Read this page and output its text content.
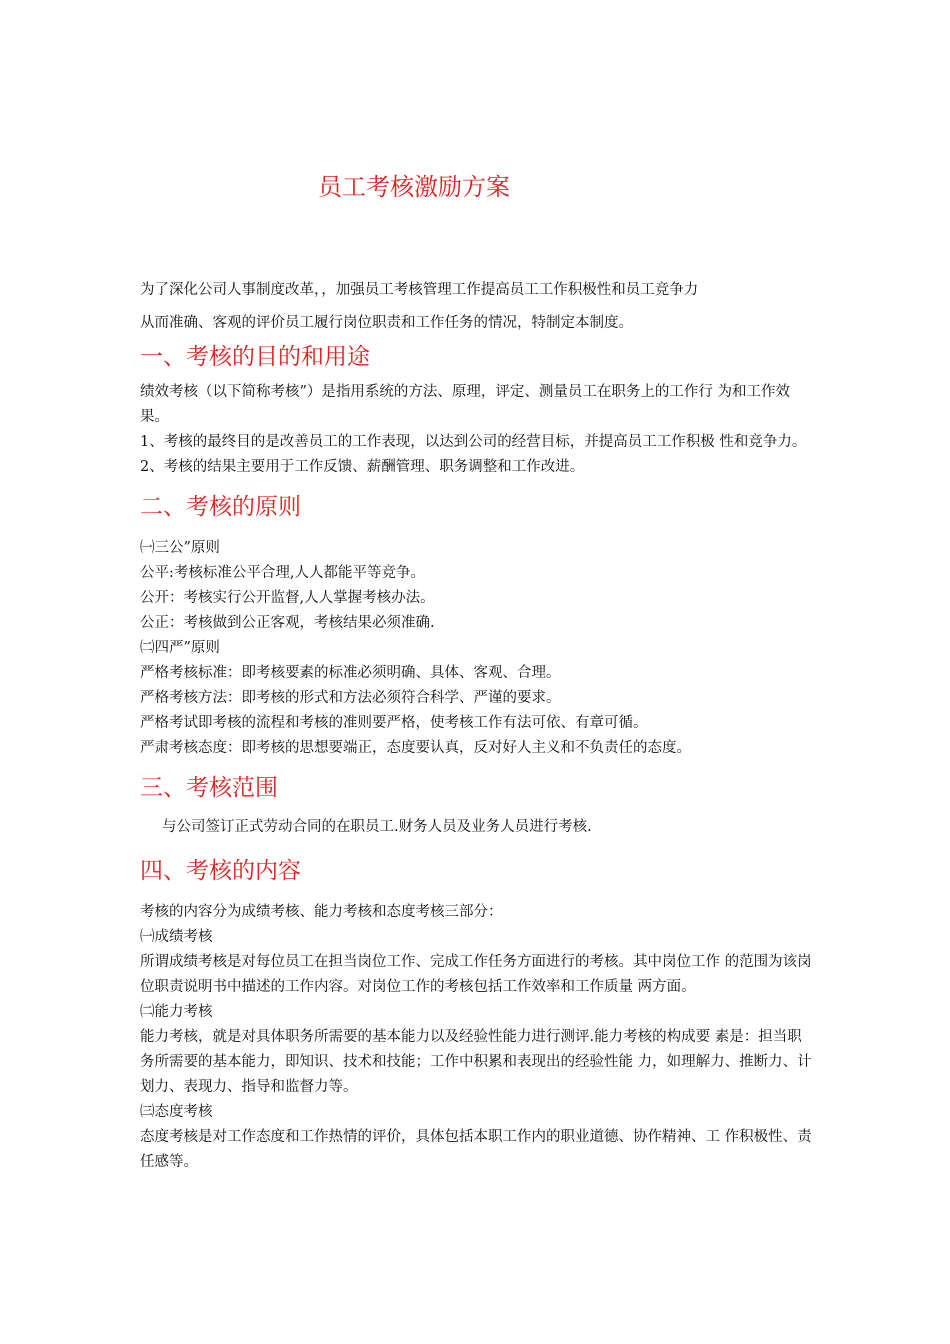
员工考核激励方案

为了深化公司人事制度改革，，加强员工考核管理工作提高员工工作积极性和员工竞争力

从而准确、客观的评价员工履行岗位职责和工作任务的情况，特制定本制度。

一、考核的目的和用途

绩效考核（以下简称考核”）是指用系统的方法、原理，评定、测量员工在职务上的工作行 为和工作效果。

1、考核的最终目的是改善员工的工作表现，以达到公司的经营目标，并提高员工工作积极 性和竞争力。

2、考核的结果主要用于工作反馈、薪酬管理、职务调整和工作改进。

二、考核的原则

㈠三公”原则

公平:考核标准公平合理,人人都能平等竞争。

公开：考核实行公开监督,人人掌握考核办法。

公正：考核做到公正客观，考核结果必须准确.

㈡四严”原则

严格考核标准：即考核要素的标准必须明确、具体、客观、合理。

严格考核方法：即考核的形式和方法必须符合科学、严谨的要求。

严格考试即考核的流程和考核的准则要严格，使考核工作有法可依、有章可循。

严肃考核态度：即考核的思想要端正，态度要认真，反对好人主义和不负责任的态度。

三、考核范围

与公司签订正式劳动合同的在职员工.财务人员及业务人员进行考核.

四、考核的内容

考核的内容分为成绩考核、能力考核和态度考核三部分：

㈠成绩考核

所谓成绩考核是对每位员工在担当岗位工作、完成工作任务方面进行的考核。其中岗位工作 的范围为该岗位职责说明书中描述的工作内容。对岗位工作的考核包括工作效率和工作质量 两方面。

㈡能力考核

能力考核，就是对具体职务所需要的基本能力以及经验性能力进行测评.能力考核的构成要 素是：担当职务所需要的基本能力，即知识、技术和技能；工作中积累和表现出的经验性能 力，如理解力、推断力、计划力、表现力、指导和监督力等。

㈢态度考核

态度考核是对工作态度和工作热情的评价，具体包括本职工作内的职业道德、协作精神、工 作积极性、责任感等。
